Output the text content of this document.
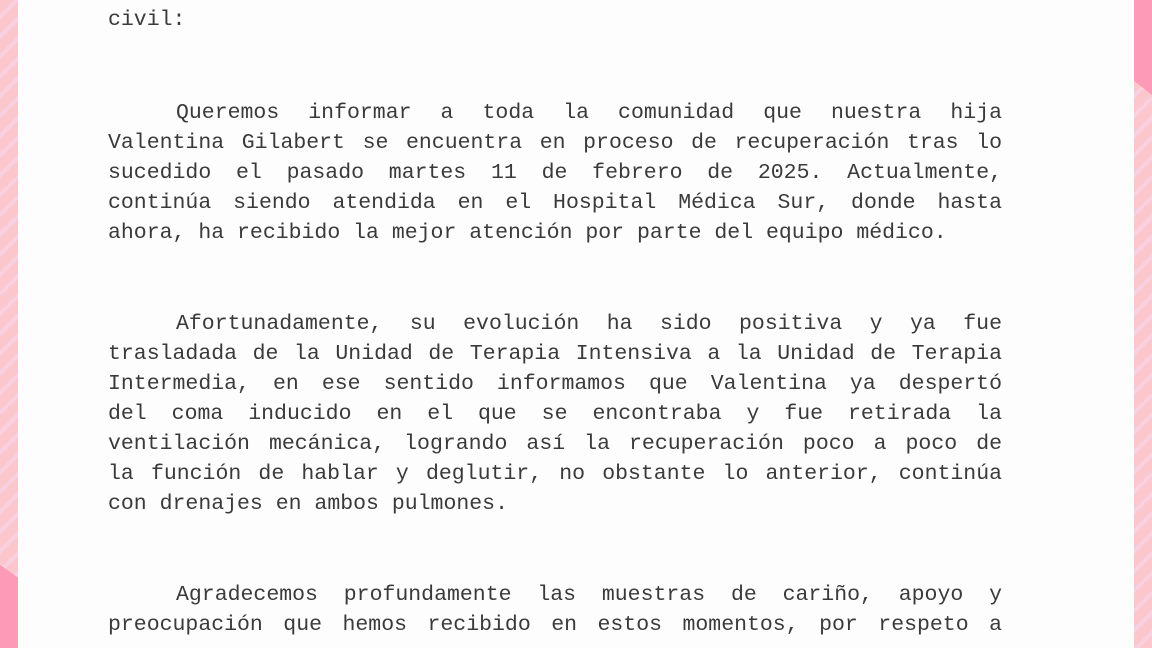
civil:
Queremos informar a toda la comunidad que nuestra hija
Valentina Gilabert se encuentra en proceso de recuperación tras lo
sucedido el pasado martes 11 de febrero de 2025. Actualmente,
continúa siendo atendida en el Hospital Médica Sur, donde hasta
ahora, ha recibido la mejor atención por parte del equipo médico.
Afortunadamente, su evolución ha sido positiva y ya fue
trasladada de la Unidad de Terapia Intensiva a la Unidad de Terapia
Intermedia, en ese sentido informamos que Valentina ya despertó
del coma inducido en el que se encontraba y fue retirada la
ventilación mecánica, logrando así la recuperación poco a poco de
la función de hablar y deglutir, no obstante lo anterior, continúa
con drenajes en ambos pulmones.
Agradecemos profundamente las muestras de cariño, apoyo y
preocupación que hemos recibido en estos momentos, por respeto a
